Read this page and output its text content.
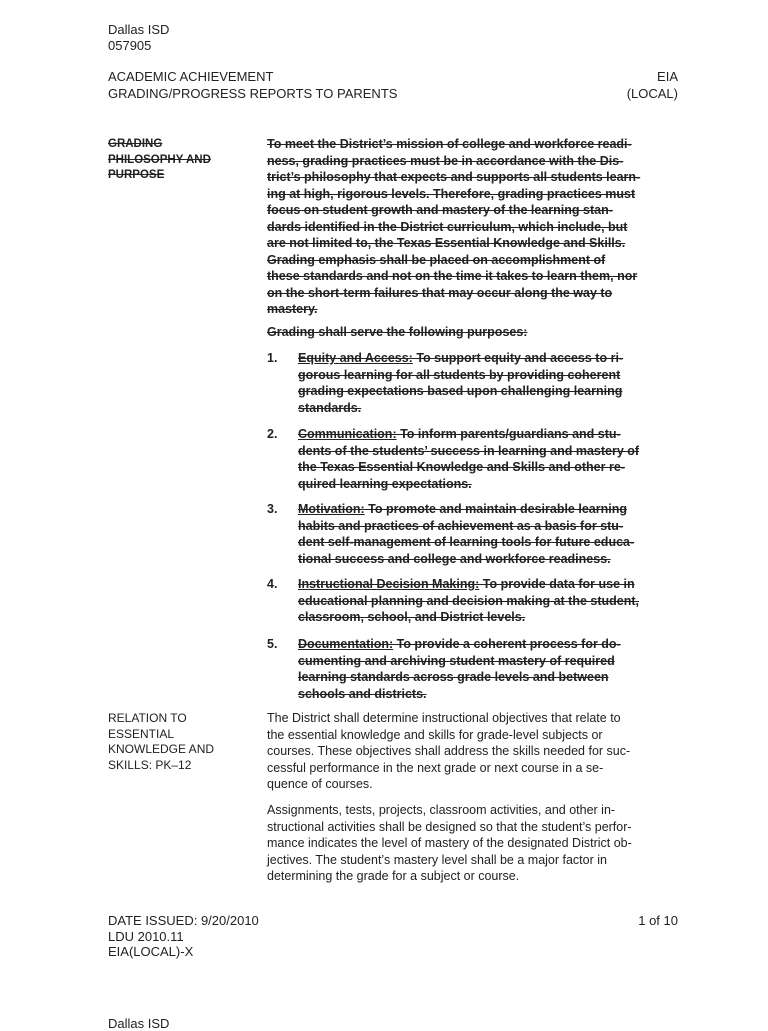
Dallas ISD
057905
ACADEMIC ACHIEVEMENT
GRADING/PROGRESS REPORTS TO PARENTS
EIA
(LOCAL)
GRADING
PHILOSOPHY AND
PURPOSE
To meet the District’s mission of college and workforce readi-
ness, grading practices must be in accordance with the Dis-
trict’s philosophy that expects and supports all students learn-
ing at high, rigorous levels. Therefore, grading practices must
focus on student growth and mastery of the learning stan-
dards identified in the District curriculum, which include, but
are not limited to, the Texas Essential Knowledge and Skills.
Grading emphasis shall be placed on accomplishment of
these standards and not on the time it takes to learn them, nor
on the short-term failures that may occur along the way to
mastery.
Grading shall serve the following purposes:
1. Equity and Access: To support equity and access to ri-
gorous learning for all students by providing coherent
grading expectations based upon challenging learning
standards.
2. Communication: To inform parents/guardians and stu-
dents of the students’ success in learning and mastery of
the Texas Essential Knowledge and Skills and other re-
quired learning expectations.
3. Motivation: To promote and maintain desirable learning
habits and practices of achievement as a basis for stu-
dent self-management of learning tools for future educa-
tional success and college and workforce readiness.
4. Instructional Decision Making: To provide data for use in
educational planning and decision making at the student,
classroom, school, and District levels.
5. Documentation: To provide a coherent process for do-
cumenting and archiving student mastery of required
learning standards across grade levels and between
schools and districts.
RELATION TO
ESSENTIAL
KNOWLEDGE AND
SKILLS: PK–12
The District shall determine instructional objectives that relate to
the essential knowledge and skills for grade-level subjects or
courses. These objectives shall address the skills needed for suc-
cessful performance in the next grade or next course in a se-
quence of courses.
Assignments, tests, projects, classroom activities, and other in-
structional activities shall be designed so that the student’s perfor-
mance indicates the level of mastery of the designated District ob-
jectives. The student’s mastery level shall be a major factor in
determining the grade for a subject or course.
DATE ISSUED: 9/20/2010
LDU 2010.11
EIA(LOCAL)-X
1 of 10
Dallas ISD
